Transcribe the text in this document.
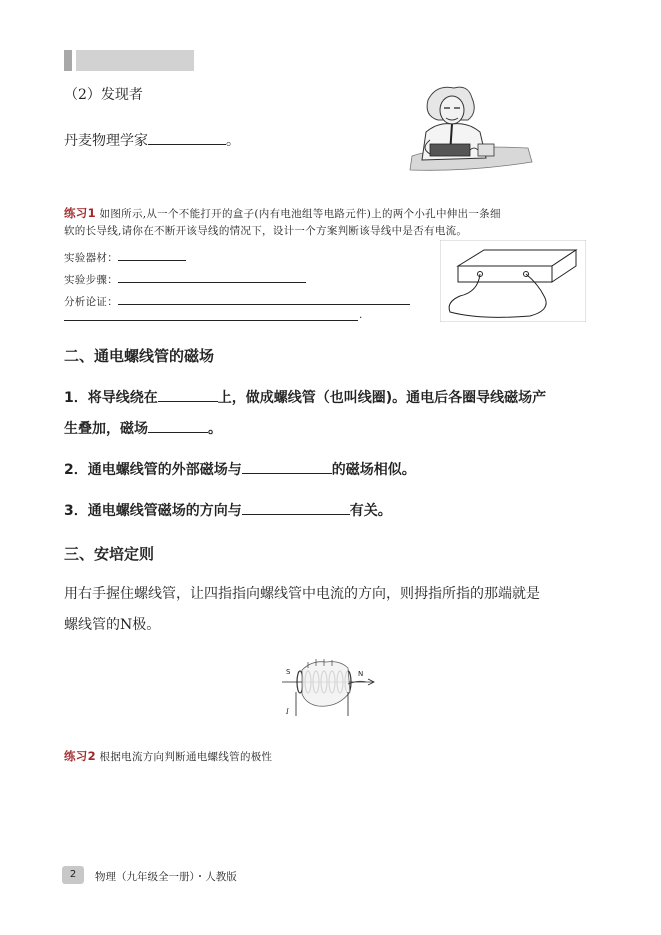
（2）发现者
丹麦物理学家	。
练习1 如图所示,从一个不能打开的盒子(内有电池组等电路元件)上的两个小孔中伸出一条细
软的长导线,请你在不断开该导线的情况下，设计一个方案判断该导线中是否有电流。
实验器材：
实验步骤：
分析论证：
.
二、通电螺线管的磁场
1．将导线绕在	上，做成螺线管（也叫线圈)。通电后各圈导线磁场产
生叠加，磁场	。
2．通电螺线管的外部磁场与	的磁场相似。
3．通电螺线管磁场的方向与	有关。
三、安培定则
用右手握住螺线管，让四指指向螺线管中电流的方向，则拇指所指的那端就是
螺线管的N极。
S	N
I
练习2 根据电流方向判断通电螺线管的极性
2	物理（九年级全一册）・人教版
